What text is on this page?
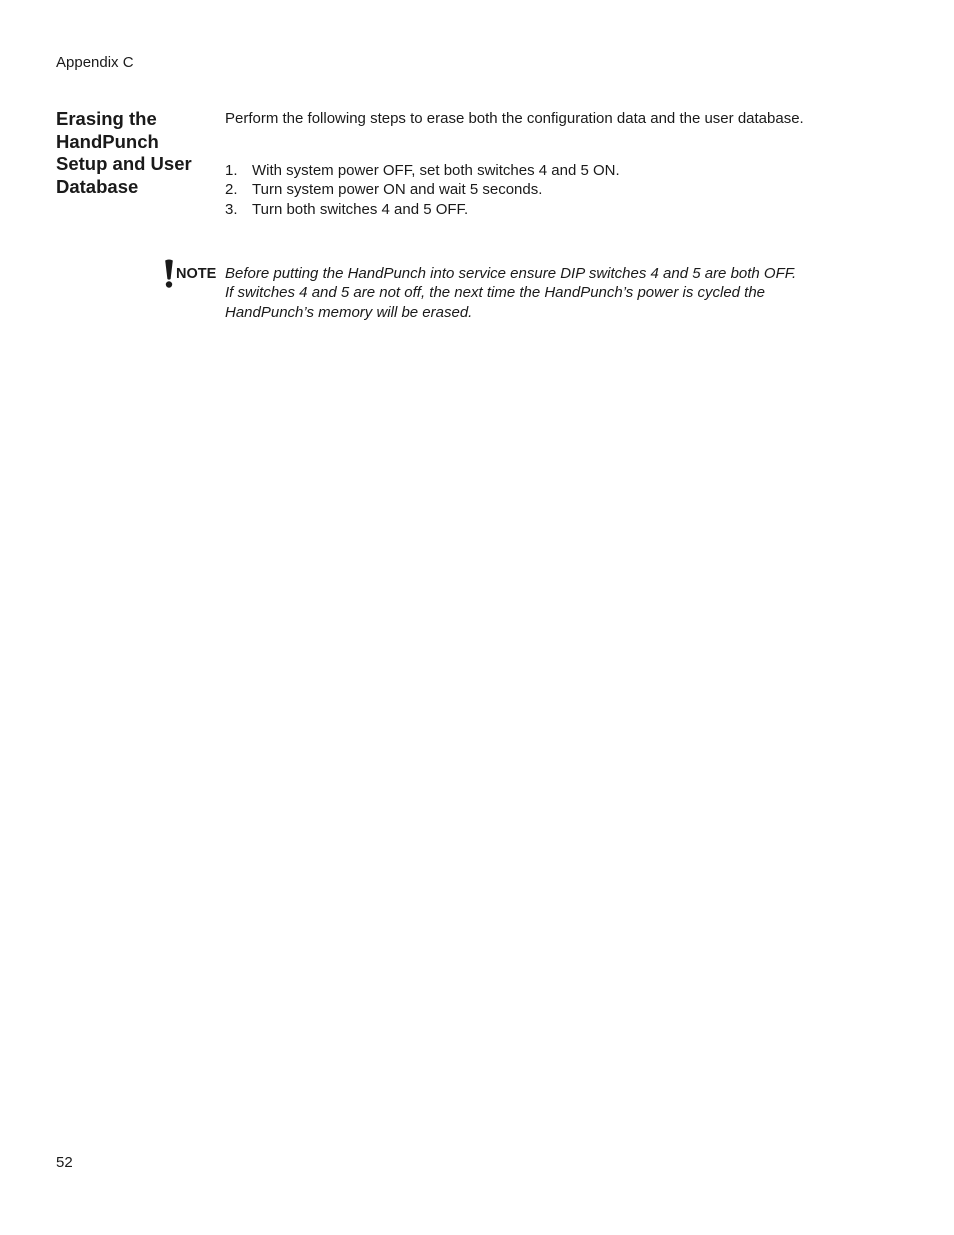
Appendix C
Erasing the
HandPunch
Setup and User
Database
Perform the following steps to erase both the configuration data and the user database.
1. With system power OFF, set both switches 4 and 5 ON.
2. Turn system power ON and wait 5 seconds.
3. Turn both switches 4 and 5 OFF.
NOTE Before putting the HandPunch into service ensure DIP switches 4 and 5 are both OFF.
If switches 4 and 5 are not off, the next time the HandPunch’s power is cycled the
HandPunch’s memory will be erased.
52
